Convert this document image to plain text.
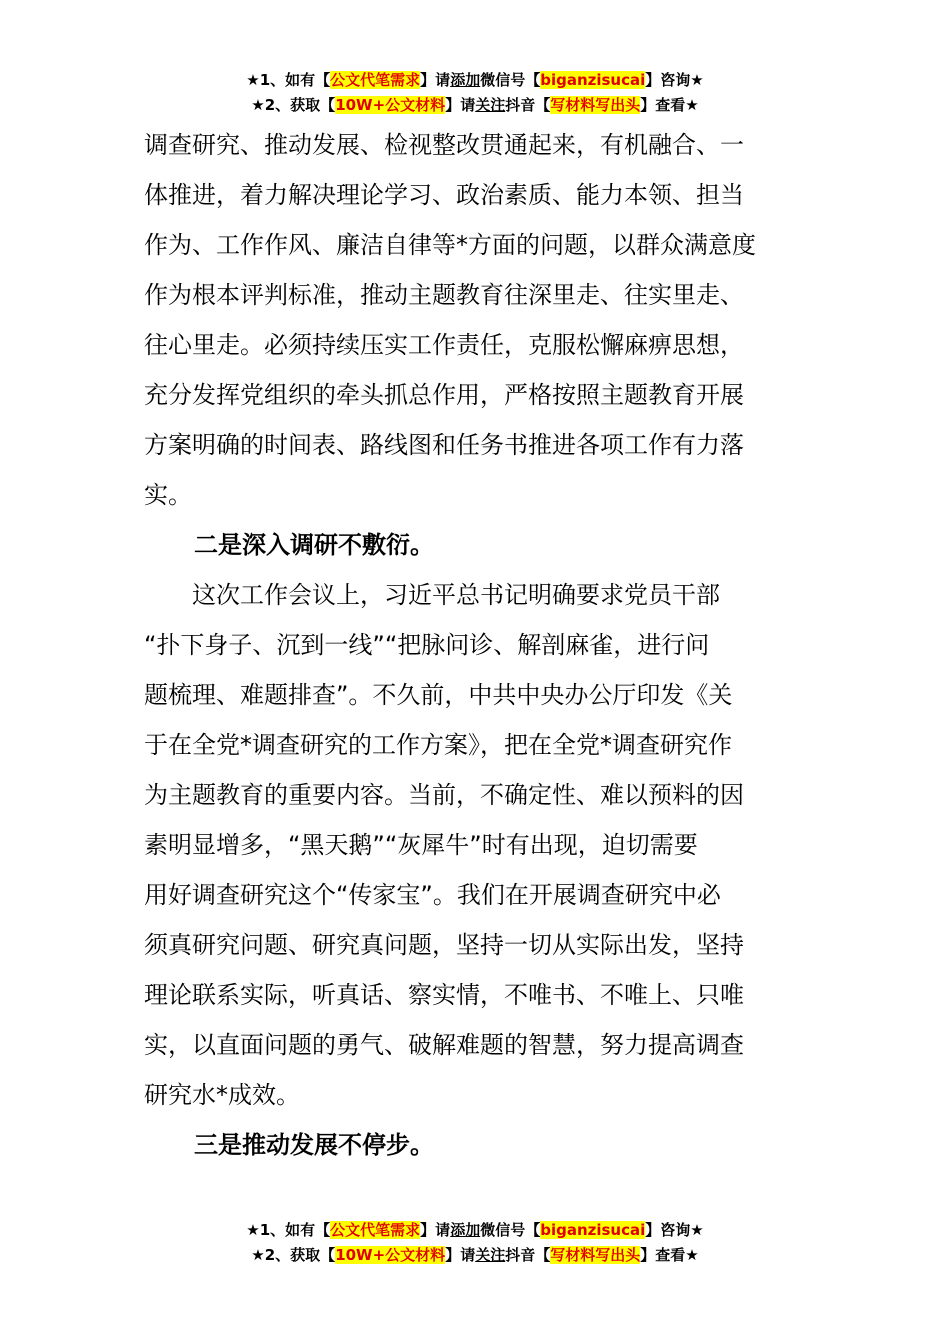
★1、如有【公文代笔需求】请添加微信号【biganzisucai】咨询★
★2、获取【10W+公文材料】请关注抖音【写材料写出头】查看★

调查研究、推动发展、检视整改贯通起来，有机融合、一
体推进，着力解决理论学习、政治素质、能力本领、担当
作为、工作作风、廉洁自律等*方面的问题，以群众满意度
作为根本评判标准，推动主题教育往深里走、往实里走、
往心里走。必须持续压实工作责任，克服松懈麻痹思想，
充分发挥党组织的牵头抓总作用，严格按照主题教育开展
方案明确的时间表、路线图和任务书推进各项工作有力落
实。

二是深入调研不敷衍。

　　这次工作会议上，习近平总书记明确要求党员干部
“扑下身子、沉到一线”“把脉问诊、解剖麻雀，进行问
题梳理、难题排查”。不久前，中共中央办公厅印发《关
于在全党*调查研究的工作方案》，把在全党*调查研究作
为主题教育的重要内容。当前，不确定性、难以预料的因
素明显增多，“黑天鹅”“灰犀牛”时有出现，迫切需要
用好调查研究这个“传家宝”。我们在开展调查研究中必
须真研究问题、研究真问题，坚持一切从实际出发，坚持
理论联系实际，听真话、察实情，不唯书、不唯上、只唯
实，以直面问题的勇气、破解难题的智慧，努力提高调查
研究水*成效。

三是推动发展不停步。

★1、如有【公文代笔需求】请添加微信号【biganzisucai】咨询★
★2、获取【10W+公文材料】请关注抖音【写材料写出头】查看★
